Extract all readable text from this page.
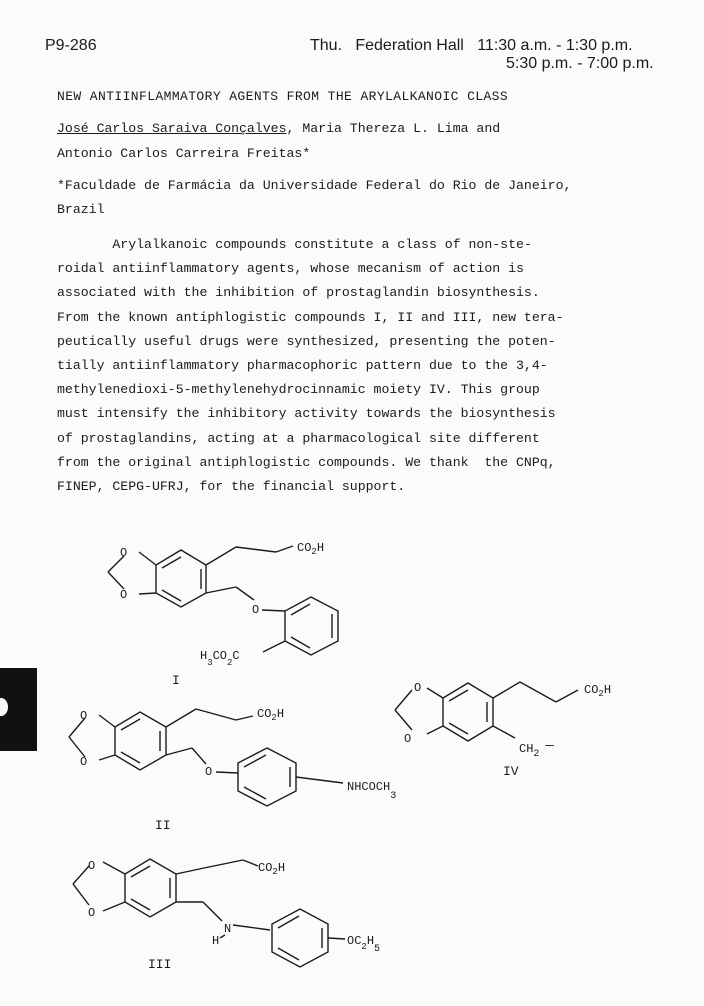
P9-286	Thu. Federation Hall 11:30 a.m. - 1:30 p.m.
5:30 p.m. - 7:00 p.m.
NEW ANTIINFLAMMATORY AGENTS FROM THE ARYLALKANOIC CLASS
José Carlos Saraiva Conçalves, Maria Thereza L. Lima and
Antonio Carlos Carreira Freitas*
*Faculdade de Farmácia da Universidade Federal do Rio de Janeiro,
Brazil
Arylalkanoic compounds constitute a class of non-ste-
roidal antiinflammatory agents, whose mecanism of action is
associated with the inhibition of prostaglandin biosynthesis.
From the known antiphlogistic compounds I, II and III, new tera-
peutically useful drugs were synthesized, presenting the poten-
tially antiinflammatory pharmacophoric pattern due to the 3,4-
methylenedioxi-5-methylenehydrocinnamic moiety IV. This group
must intensify the inhibitory activity towards the biosynthesis
of prostaglandins, acting at a pharmacological site different
from the original antiphlogistic compounds. We thank  the CNPq,
FINEP, CEPG-UFRJ, for the financial support.
O
O
O
$CO_2H$
$H_3CO_2C$
I
O
O
O
$CO_2H$
$NHCOCH_3$
II
O
O
N
H
$CO_2H$
$OC_2H_5$
III
O
O
$CO_2H$
$CH_2—$
IV
